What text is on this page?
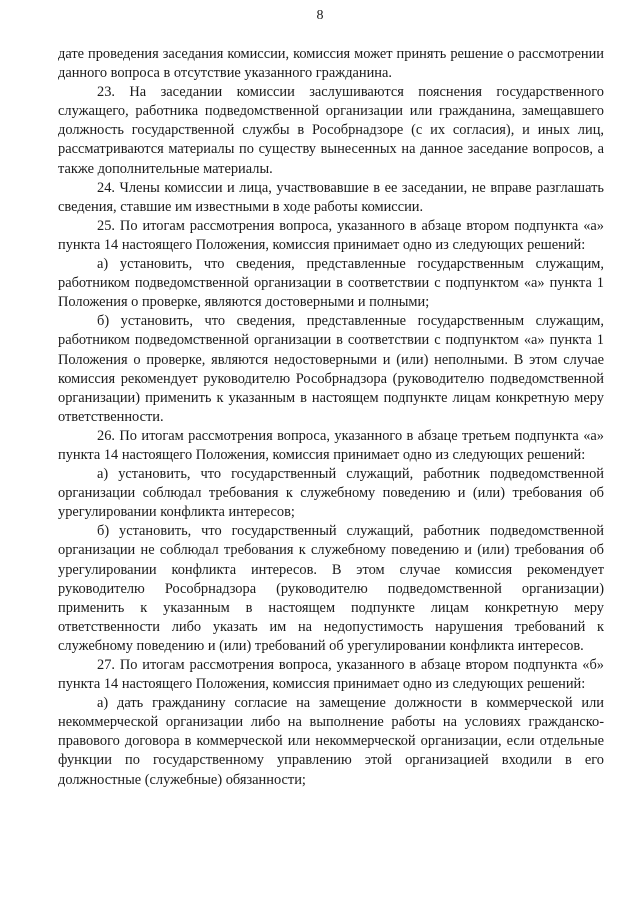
8

дате проведения заседания комиссии, комиссия может принять решение о рассмотрении данного вопроса в отсутствие указанного гражданина.

23. На заседании комиссии заслушиваются пояснения государственного служащего, работника подведомственной организации или гражданина, замещавшего должность государственной службы в Рособрнадзоре (с их согласия), и иных лиц, рассматриваются материалы по существу вынесенных на данное заседание вопросов, а также дополнительные материалы.

24. Члены комиссии и лица, участвовавшие в ее заседании, не вправе разглашать сведения, ставшие им известными в ходе работы комиссии.

25. По итогам рассмотрения вопроса, указанного в абзаце втором подпункта «а» пункта 14 настоящего Положения, комиссия принимает одно из следующих решений:

а) установить, что сведения, представленные государственным служащим, работником подведомственной организации в соответствии с подпунктом «а» пункта 1 Положения о проверке, являются достоверными и полными;

б) установить, что сведения, представленные государственным служащим, работником подведомственной организации в соответствии с подпунктом «а» пункта 1 Положения о проверке, являются недостоверными и (или) неполными. В этом случае комиссия рекомендует руководителю Рособрнадзора (руководителю подведомственной организации) применить к указанным в настоящем подпункте лицам конкретную меру ответственности.

26. По итогам рассмотрения вопроса, указанного в абзаце третьем подпункта «а» пункта 14 настоящего Положения, комиссия принимает одно из следующих решений:

а) установить, что государственный служащий, работник подведомственной организации соблюдал требования к служебному поведению и (или) требования об урегулировании конфликта интересов;

б) установить, что государственный служащий, работник подведомственной организации не соблюдал требования к служебному поведению и (или) требования об урегулировании конфликта интересов. В этом случае комиссия рекомендует руководителю Рособрнадзора (руководителю подведомственной организации) применить к указанным в настоящем подпункте лицам конкретную меру ответственности либо указать им на недопустимость нарушения требований к служебному поведению и (или) требований об урегулировании конфликта интересов.

27. По итогам рассмотрения вопроса, указанного в абзаце втором подпункта «б» пункта 14 настоящего Положения, комиссия принимает одно из следующих решений:

а) дать гражданину согласие на замещение должности в коммерческой или некоммерческой организации либо на выполнение работы на условиях гражданско-правового договора в коммерческой или некоммерческой организации, если отдельные функции по государственному управлению этой организацией входили в его должностные (служебные) обязанности;
